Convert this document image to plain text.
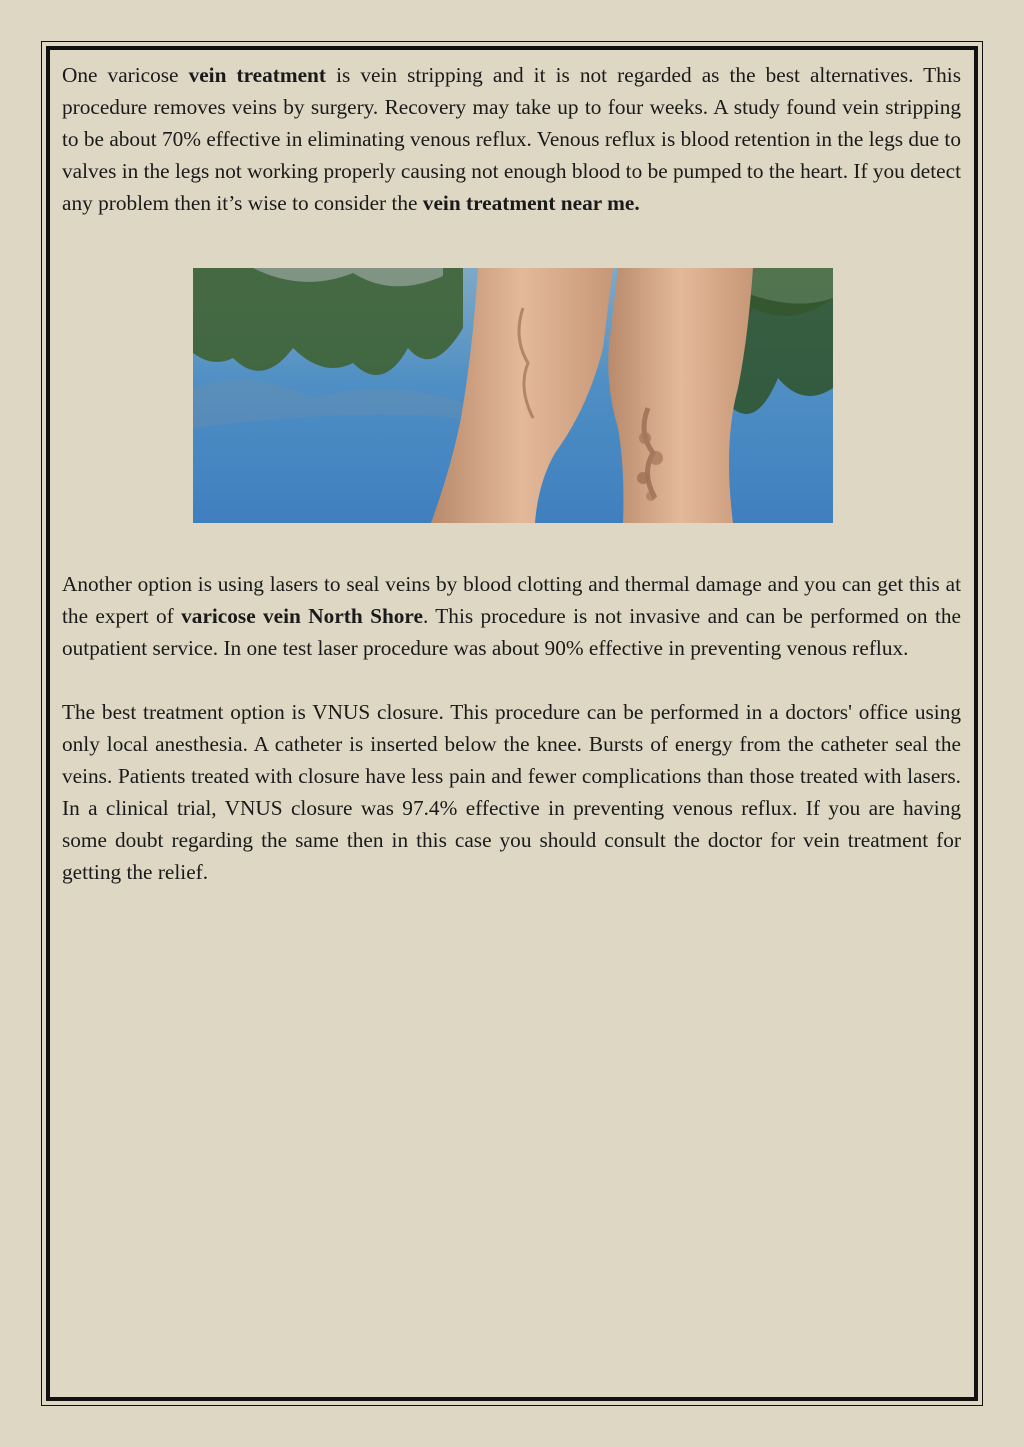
One varicose vein treatment is vein stripping and it is not regarded as the best alternatives. This procedure removes veins by surgery. Recovery may take up to four weeks. A study found vein stripping to be about 70% effective in eliminating venous reflux. Venous reflux is blood retention in the legs due to valves in the legs not working properly causing not enough blood to be pumped to the heart. If you detect any problem then it’s wise to consider the vein treatment near me.

Another option is using lasers to seal veins by blood clotting and thermal damage and you can get this at the expert of varicose vein North Shore. This procedure is not invasive and can be performed on the outpatient service. In one test laser procedure was about 90% effective in preventing venous reflux.

The best treatment option is VNUS closure. This procedure can be performed in a doctors' office using only local anesthesia. A catheter is inserted below the knee. Bursts of energy from the catheter seal the veins. Patients treated with closure have less pain and fewer complications than those treated with lasers. In a clinical trial, VNUS closure was 97.4% effective in preventing venous reflux. If you are having some doubt regarding the same then in this case you should consult the doctor for vein treatment for getting the relief.
